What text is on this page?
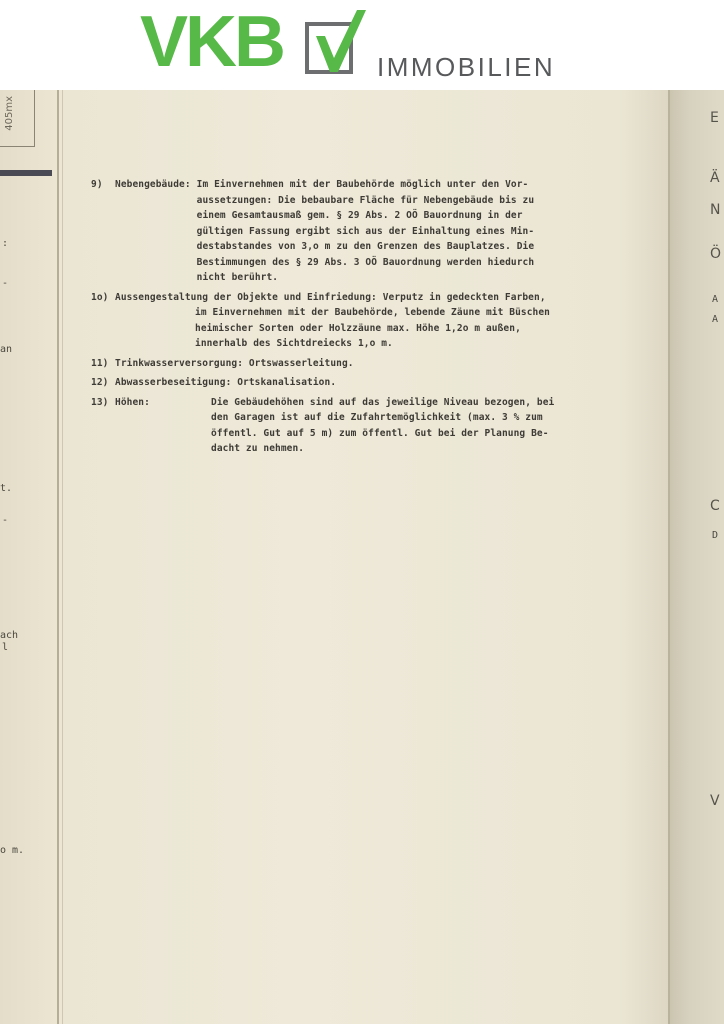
VKB	IMMOBILIEN
405mx
:
-
an
t.
-
ach
l
o m.
E
Ä
N
Ö
A
A
C
D
V
9)	Nebengebäude: Im Einvernehmen mit der Baubehörde möglich unter den Vor-
aussetzungen: Die bebaubare Fläche für Nebengebäude bis zu
einem Gesamtausmaß gem. § 29 Abs. 2 OÖ Bauordnung in der
gültigen Fassung ergibt sich aus der Einhaltung eines Min-
destabstandes von 3,o m zu den Grenzen des Bauplatzes. Die
Bestimmungen des § 29 Abs. 3 OÖ Bauordnung werden hiedurch
nicht berührt.
1o) Aussengestaltung der Objekte und Einfriedung: Verputz in gedeckten Farben,
im Einvernehmen mit der Baubehörde, lebende Zäune mit Büschen
heimischer Sorten oder Holzzäune max. Höhe 1,2o m außen,
innerhalb des Sichtdreiecks 1,o m.
11) Trinkwasserversorgung: Ortswasserleitung.
12) Abwasserbeseitigung: Ortskanalisation.
13) Höhen:	Die Gebäudehöhen sind auf das jeweilige Niveau bezogen, bei
den Garagen ist auf die Zufahrtemöglichkeit (max. 3 % zum
öffentl. Gut auf 5 m) zum öffentl. Gut bei der Planung Be-
dacht zu nehmen.
